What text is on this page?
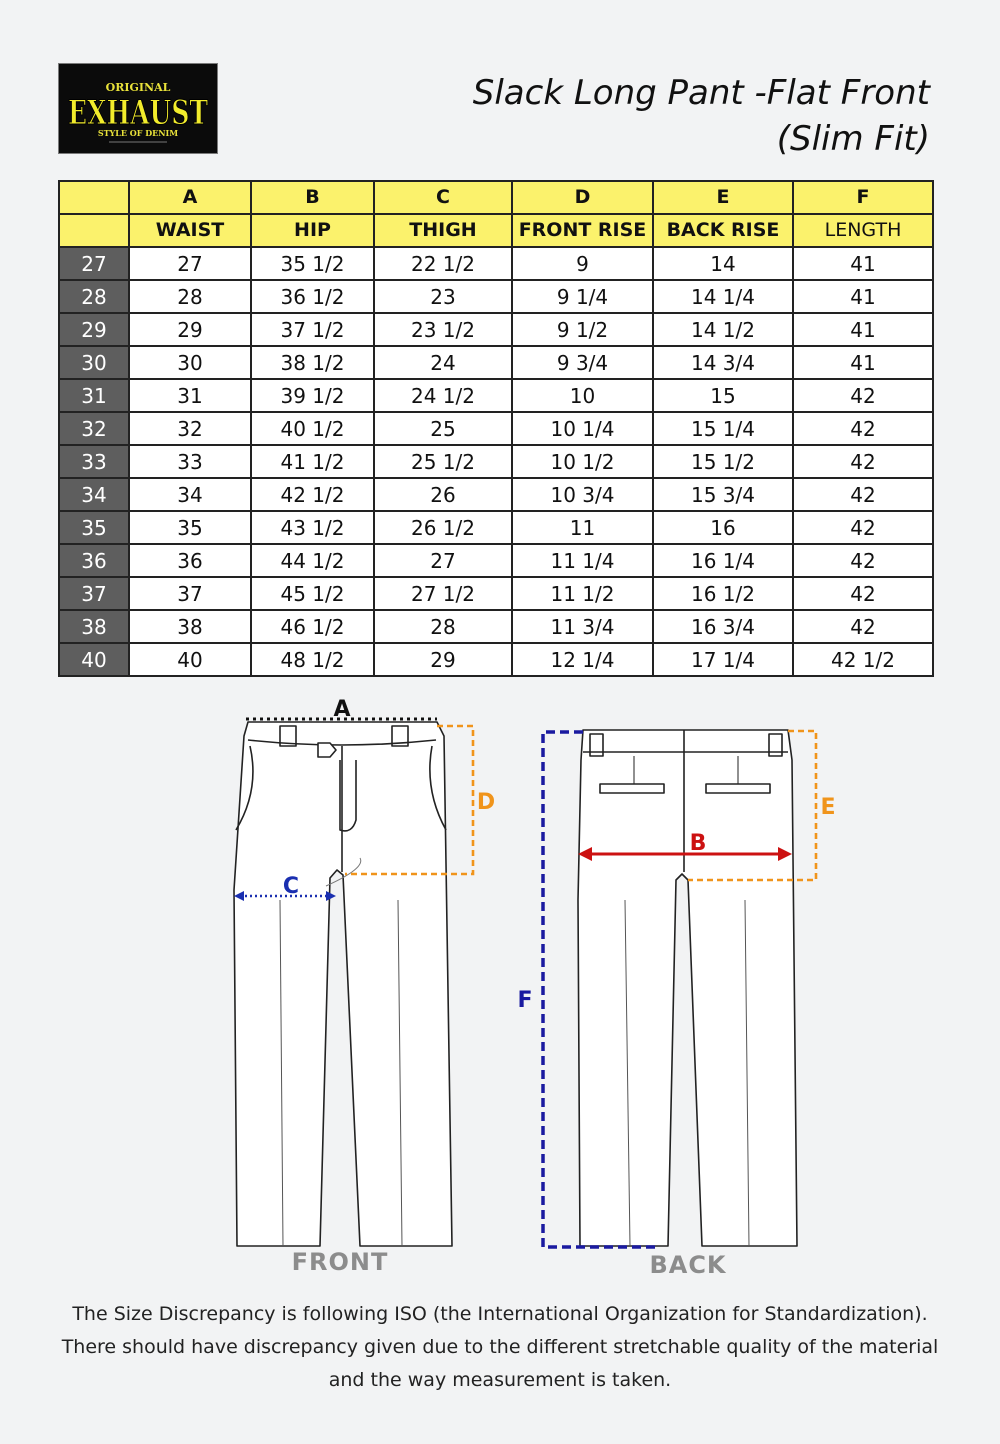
ORIGINAL
EXHAUST
STYLE OF DENIM
Slack Long Pant -Flat Front
(Slim Fit)
	A	B	C	D	E	F
	WAIST	HIP	THIGH	FRONT RISE	BACK RISE	LENGTH
27	27	35 1/2	22 1/2	9	14	41
28	28	36 1/2	23	9 1/4	14 1/4	41
29	29	37 1/2	23 1/2	9 1/2	14 1/2	41
30	30	38 1/2	24	9 3/4	14 3/4	41
31	31	39 1/2	24 1/2	10	15	42
32	32	40 1/2	25	10 1/4	15 1/4	42
33	33	41 1/2	25 1/2	10 1/2	15 1/2	42
34	34	42 1/2	26	10 3/4	15 3/4	42
35	35	43 1/2	26 1/2	11	16	42
36	36	44 1/2	27	11 1/4	16 1/4	42
37	37	45 1/2	27 1/2	11 1/2	16 1/2	42
38	38	46 1/2	28	11 3/4	16 3/4	42
40	40	48 1/2	29	12 1/4	17 1/4	42 1/2
A
D
C
E
B
F
FRONT	BACK
The Size Discrepancy is following ISO (the International Organization for Standardization).
There should have discrepancy given due to the different stretchable quality of the material
and the way measurement is taken.
